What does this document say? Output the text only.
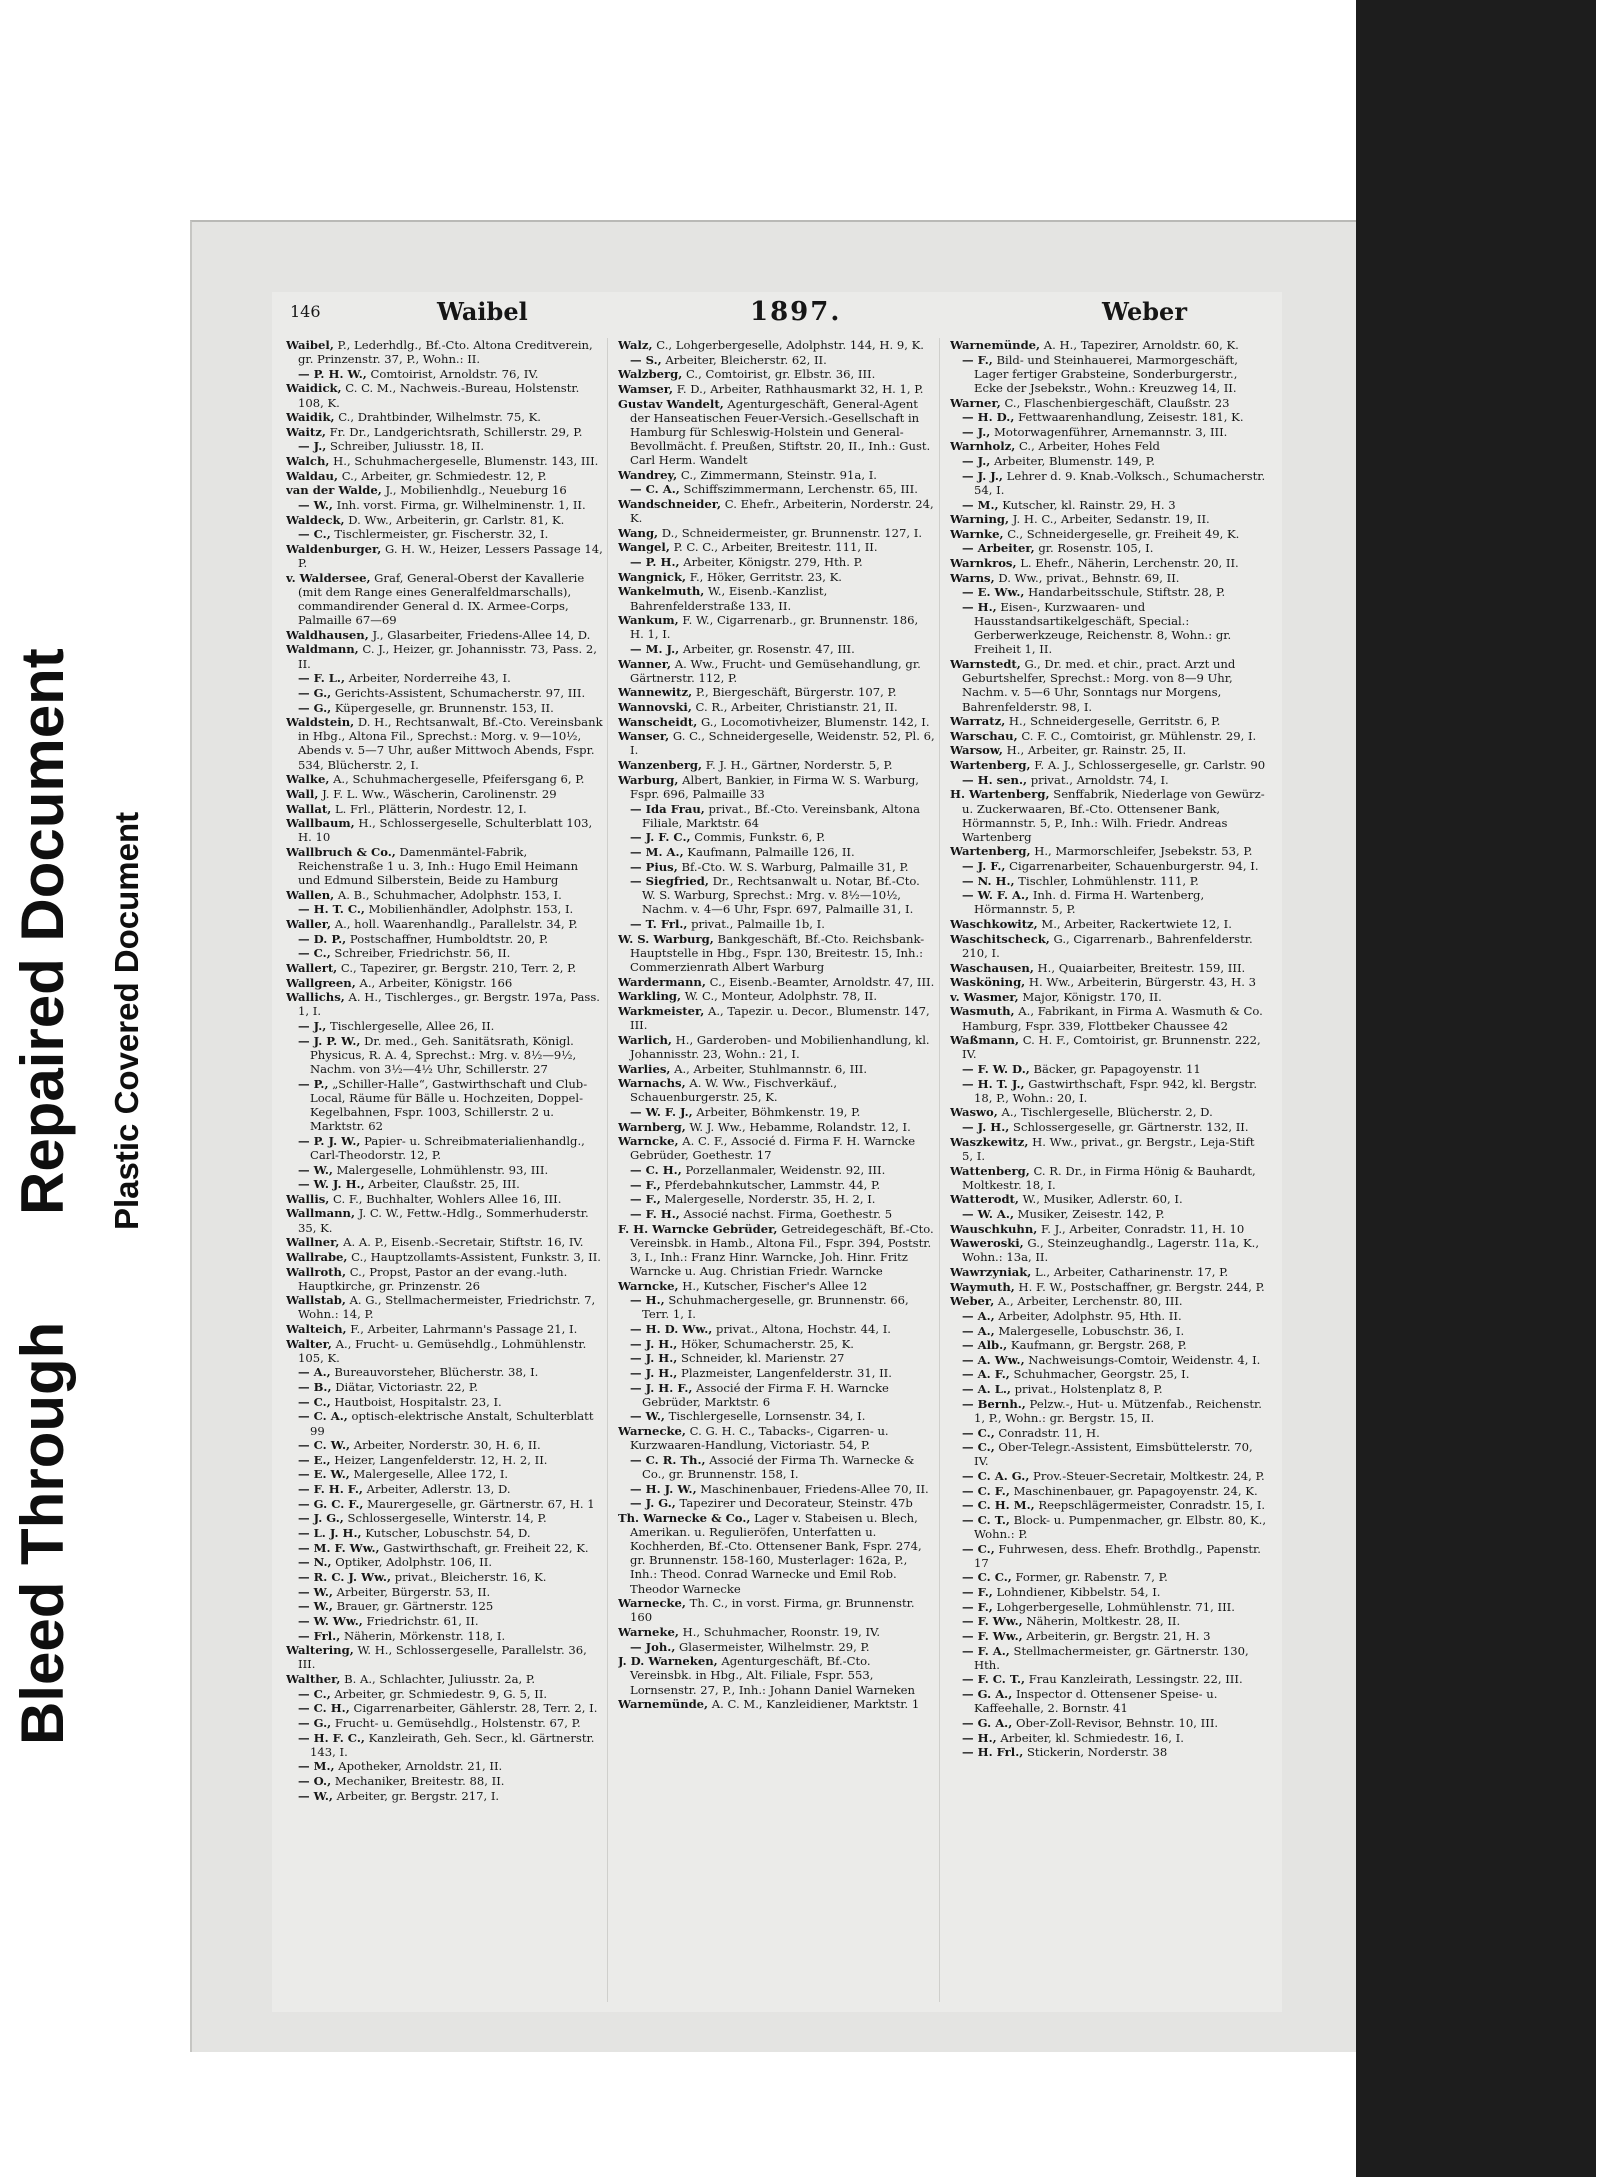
Bleed Through
Repaired Document Plastic Covered Document
146	Waibel	1897.	Weber
Waibel, P., Lederhdlg., Bf.-Cto. Altona Creditverein, gr. Prinzenstr. 37, P., Wohn.: II.
— P. H. W., Comtoirist, Arnoldstr. 76, IV.
Waidick, C. C. M., Nachweis.-Bureau, Holstenstr. 108, K.
Waidik, C., Drahtbinder, Wilhelmstr. 75, K.
Waitz, Fr. Dr., Landgerichtsrath, Schillerstr. 29, P.
— J., Schreiber, Juliusstr. 18, II.
Walch, H., Schuhmachergeselle, Blumenstr. 143, III.
Waldau, C., Arbeiter, gr. Schmiedestr. 12, P.
van der Walde, J., Mobilienhdlg., Neueburg 16
— W., Inh. vorst. Firma, gr. Wilhelminenstr. 1, II.
Waldeck, D. Ww., Arbeiterin, gr. Carlstr. 81, K.
— C., Tischlermeister, gr. Fischerstr. 32, I.
Waldenburger, G. H. W., Heizer, Lessers Passage 14, P.
v. Waldersee, Graf, General-Oberst der Kavallerie (mit dem Range eines Generalfeldmarschalls), commandirender General d. IX. Armee-Corps, Palmaille 67—69
Waldhausen, J., Glasarbeiter, Friedens-Allee 14, D.
Waldmann, C. J., Heizer, gr. Johannisstr. 73, Pass. 2, II.
— F. L., Arbeiter, Norderreihe 43, I.
— G., Gerichts-Assistent, Schumacherstr. 97, III.
— G., Küpergeselle, gr. Brunnenstr. 153, II.
Waldstein, D. H., Rechtsanwalt, Bf.-Cto. Vereinsbank in Hbg., Altona Fil., Sprechst.: Morg. v. 9—10½, Abends v. 5—7 Uhr, außer Mittwoch Abends, Fspr. 534, Blücherstr. 2, I.
Walke, A., Schuhmachergeselle, Pfeifersgang 6, P.
Wall, J. F. L. Ww., Wäscherin, Carolinenstr. 29
Wallat, L. Frl., Plätterin, Nordestr. 12, I.
Wallbaum, H., Schlossergeselle, Schulterblatt 103, H. 10
Wallbruch & Co., Damenmäntel-Fabrik, Reichenstraße 1 u. 3, Inh.: Hugo Emil Heimann und Edmund Silberstein, Beide zu Hamburg
Wallen, A. B., Schuhmacher, Adolphstr. 153, I.
— H. T. C., Mobilienhändler, Adolphstr. 153, I.
Waller, A., holl. Waarenhandlg., Parallelstr. 34, P.
— D. P., Postschaffner, Humboldtstr. 20, P.
— C., Schreiber, Friedrichstr. 56, II.
Wallert, C., Tapezirer, gr. Bergstr. 210, Terr. 2, P.
Wallgreen, A., Arbeiter, Königstr. 166
Wallichs, A. H., Tischlerges., gr. Bergstr. 197a, Pass. 1, I.
— J., Tischlergeselle, Allee 26, II.
— J. P. W., Dr. med., Geh. Sanitätsrath, Königl. Physicus, R. A. 4, Sprechst.: Mrg. v. 8½—9½, Nachm. von 3½—4½ Uhr, Schillerstr. 27
— P., „Schiller-Halle“, Gastwirthschaft und Club-Local, Räume für Bälle u. Hochzeiten, Doppel-Kegelbahnen, Fspr. 1003, Schillerstr. 2 u. Marktstr. 62
— P. J. W., Papier- u. Schreibmaterialienhandlg., Carl-Theodorstr. 12, P.
— W., Malergeselle, Lohmühlenstr. 93, III.
— W. J. H., Arbeiter, Claußstr. 25, III.
Wallis, C. F., Buchhalter, Wohlers Allee 16, III.
Wallmann, J. C. W., Fettw.-Hdlg., Sommerhuderstr. 35, K.
Wallner, A. A. P., Eisenb.-Secretair, Stiftstr. 16, IV.
Wallrabe, C., Hauptzollamts-Assistent, Funkstr. 3, II.
Wallroth, C., Propst, Pastor an der evang.-luth. Hauptkirche, gr. Prinzenstr. 26
Wallstab, A. G., Stellmachermeister, Friedrichstr. 7, Wohn.: 14, P.
Walteich, F., Arbeiter, Lahrmann's Passage 21, I.
Walter, A., Frucht- u. Gemüsehdlg., Lohmühlenstr. 105, K.
— A., Bureauvorsteher, Blücherstr. 38, I.
— B., Diätar, Victoriastr. 22, P.
— C., Hautboist, Hospitalstr. 23, I.
— C. A., optisch-elektrische Anstalt, Schulterblatt 99
— C. W., Arbeiter, Norderstr. 30, H. 6, II.
— E., Heizer, Langenfelderstr. 12, H. 2, II.
— E. W., Malergeselle, Allee 172, I.
— F. H. F., Arbeiter, Adlerstr. 13, D.
— G. C. F., Maurergeselle, gr. Gärtnerstr. 67, H. 1
— J. G., Schlossergeselle, Winterstr. 14, P.
— L. J. H., Kutscher, Lobuschstr. 54, D.
— M. F. Ww., Gastwirthschaft, gr. Freiheit 22, K.
— N., Optiker, Adolphstr. 106, II.
— R. C. J. Ww., privat., Bleicherstr. 16, K.
— W., Arbeiter, Bürgerstr. 53, II.
— W., Brauer, gr. Gärtnerstr. 125
— W. Ww., Friedrichstr. 61, II.
— Frl., Näherin, Mörkenstr. 118, I.
Waltering, W. H., Schlossergeselle, Parallelstr. 36, III.
Walther, B. A., Schlachter, Juliusstr. 2a, P.
— C., Arbeiter, gr. Schmiedestr. 9, G. 5, II.
— C. H., Cigarrenarbeiter, Gählerstr. 28, Terr. 2, I.
— G., Frucht- u. Gemüsehdlg., Holstenstr. 67, P.
— H. F. C., Kanzleirath, Geh. Secr., kl. Gärtnerstr. 143, I.
— M., Apotheker, Arnoldstr. 21, II.
— O., Mechaniker, Breitestr. 88, II.
— W., Arbeiter, gr. Bergstr. 217, I.
Walz, C., Lohgerbergeselle, Adolphstr. 144, H. 9, K.
— S., Arbeiter, Bleicherstr. 62, II.
Walzberg, C., Comtoirist, gr. Elbstr. 36, III.
Wamser, F. D., Arbeiter, Rathhausmarkt 32, H. 1, P.
Gustav Wandelt, Agenturgeschäft, General-Agent der Hanseatischen Feuer-Versich.-Gesellschaft in Hamburg für Schleswig-Holstein und General-Bevollmächt. f. Preußen, Stiftstr. 20, II., Inh.: Gust. Carl Herm. Wandelt
Wandrey, C., Zimmermann, Steinstr. 91a, I.
— C. A., Schiffszimmermann, Lerchenstr. 65, III.
Wandschneider, C. Ehefr., Arbeiterin, Norderstr. 24, K.
Wang, D., Schneidermeister, gr. Brunnenstr. 127, I.
Wangel, P. C. C., Arbeiter, Breitestr. 111, II.
— P. H., Arbeiter, Königstr. 279, Hth. P.
Wangnick, F., Höker, Gerritstr. 23, K.
Wankelmuth, W., Eisenb.-Kanzlist, Bahrenfelderstraße 133, II.
Wankum, F. W., Cigarrenarb., gr. Brunnenstr. 186, H. 1, I.
— M. J., Arbeiter, gr. Rosenstr. 47, III.
Wanner, A. Ww., Frucht- und Gemüsehandlung, gr. Gärtnerstr. 112, P.
Wannewitz, P., Biergeschäft, Bürgerstr. 107, P.
Wannovski, C. R., Arbeiter, Christianstr. 21, II.
Wanscheidt, G., Locomotivheizer, Blumenstr. 142, I.
Wanser, G. C., Schneidergeselle, Weidenstr. 52, Pl. 6, I.
Wanzenberg, F. J. H., Gärtner, Norderstr. 5, P.
Warburg, Albert, Bankier, in Firma W. S. Warburg, Fspr. 696, Palmaille 33
— Ida Frau, privat., Bf.-Cto. Vereinsbank, Altona Filiale, Marktstr. 64
— J. F. C., Commis, Funkstr. 6, P.
— M. A., Kaufmann, Palmaille 126, II.
— Pius, Bf.-Cto. W. S. Warburg, Palmaille 31, P.
— Siegfried, Dr., Rechtsanwalt u. Notar, Bf.-Cto. W. S. Warburg, Sprechst.: Mrg. v. 8½—10½, Nachm. v. 4—6 Uhr, Fspr. 697, Palmaille 31, I.
— T. Frl., privat., Palmaille 1b, I.
W. S. Warburg, Bankgeschäft, Bf.-Cto. Reichsbank-Hauptstelle in Hbg., Fspr. 130, Breitestr. 15, Inh.: Commerzienrath Albert Warburg
Wardermann, C., Eisenb.-Beamter, Arnoldstr. 47, III.
Warkling, W. C., Monteur, Adolphstr. 78, II.
Warkmeister, A., Tapezir. u. Decor., Blumenstr. 147, III.
Warlich, H., Garderoben- und Mobilienhandlung, kl. Johannisstr. 23, Wohn.: 21, I.
Warlies, A., Arbeiter, Stuhlmannstr. 6, III.
Warnachs, A. W. Ww., Fischverkäuf., Schauenburgerstr. 25, K.
— W. F. J., Arbeiter, Böhmkenstr. 19, P.
Warnberg, W. J. Ww., Hebamme, Rolandstr. 12, I.
Warncke, A. C. F., Associé d. Firma F. H. Warncke Gebrüder, Goethestr. 17
— C. H., Porzellanmaler, Weidenstr. 92, III.
— F., Pferdebahnkutscher, Lammstr. 44, P.
— F., Malergeselle, Norderstr. 35, H. 2, I.
— F. H., Associé nachst. Firma, Goethestr. 5
F. H. Warncke Gebrüder, Getreidegeschäft, Bf.-Cto. Vereinsbk. in Hamb., Altona Fil., Fspr. 394, Poststr. 3, I., Inh.: Franz Hinr. Warncke, Joh. Hinr. Fritz Warncke u. Aug. Christian Friedr. Warncke
Warncke, H., Kutscher, Fischer's Allee 12
— H., Schuhmachergeselle, gr. Brunnenstr. 66, Terr. 1, I.
— H. D. Ww., privat., Altona, Hochstr. 44, I.
— J. H., Höker, Schumacherstr. 25, K.
— J. H., Schneider, kl. Marienstr. 27
— J. H., Plazmeister, Langenfelderstr. 31, II.
— J. H. F., Associé der Firma F. H. Warncke Gebrüder, Marktstr. 6
— W., Tischlergeselle, Lornsenstr. 34, I.
Warnecke, C. G. H. C., Tabacks-, Cigarren- u. Kurzwaaren-Handlung, Victoriastr. 54, P.
— C. R. Th., Associé der Firma Th. Warnecke & Co., gr. Brunnenstr. 158, I.
— H. J. W., Maschinenbauer, Friedens-Allee 70, II.
— J. G., Tapezirer und Decorateur, Steinstr. 47b
Th. Warnecke & Co., Lager v. Stabeisen u. Blech, Amerikan. u. Regulieröfen, Unterfatten u. Kochherden, Bf.-Cto. Ottensener Bank, Fspr. 274, gr. Brunnenstr. 158-160, Musterlager: 162a, P., Inh.: Theod. Conrad Warnecke und Emil Rob. Theodor Warnecke
Warnecke, Th. C., in vorst. Firma, gr. Brunnenstr. 160
Warneke, H., Schuhmacher, Roonstr. 19, IV.
— Joh., Glasermeister, Wilhelmstr. 29, P.
J. D. Warneken, Agenturgeschäft, Bf.-Cto. Vereinsbk. in Hbg., Alt. Filiale, Fspr. 553, Lornsenstr. 27, P., Inh.: Johann Daniel Warneken
Warnemünde, A. C. M., Kanzleidiener, Marktstr. 1
Warnemünde, A. H., Tapezirer, Arnoldstr. 60, K.
— F., Bild- und Steinhauerei, Marmorgeschäft, Lager fertiger Grabsteine, Sonderburgerstr., Ecke der Jsebekstr., Wohn.: Kreuzweg 14, II.
Warner, C., Flaschenbiergeschäft, Claußstr. 23
— H. D., Fettwaarenhandlung, Zeisestr. 181, K.
— J., Motorwagenführer, Arnemannstr. 3, III.
Warnholz, C., Arbeiter, Hohes Feld
— J., Arbeiter, Blumenstr. 149, P.
— J. J., Lehrer d. 9. Knab.-Volksch., Schumacherstr. 54, I.
— M., Kutscher, kl. Rainstr. 29, H. 3
Warning, J. H. C., Arbeiter, Sedanstr. 19, II.
Warnke, C., Schneidergeselle, gr. Freiheit 49, K.
— Arbeiter, gr. Rosenstr. 105, I.
Warnkros, L. Ehefr., Näherin, Lerchenstr. 20, II.
Warns, D. Ww., privat., Behnstr. 69, II.
— E. Ww., Handarbeitsschule, Stiftstr. 28, P.
— H., Eisen-, Kurzwaaren- und Hausstandsartikelgeschäft, Special.: Gerberwerkzeuge, Reichenstr. 8, Wohn.: gr. Freiheit 1, II.
Warnstedt, G., Dr. med. et chir., pract. Arzt und Geburtshelfer, Sprechst.: Morg. von 8—9 Uhr, Nachm. v. 5—6 Uhr, Sonntags nur Morgens, Bahrenfelderstr. 98, I.
Warratz, H., Schneidergeselle, Gerritstr. 6, P.
Warschau, C. F. C., Comtoirist, gr. Mühlenstr. 29, I.
Warsow, H., Arbeiter, gr. Rainstr. 25, II.
Wartenberg, F. A. J., Schlossergeselle, gr. Carlstr. 90
— H. sen., privat., Arnoldstr. 74, I.
H. Wartenberg, Senffabrik, Niederlage von Gewürz- u. Zuckerwaaren, Bf.-Cto. Ottensener Bank, Hörmannstr. 5, P., Inh.: Wilh. Friedr. Andreas Wartenberg
Wartenberg, H., Marmorschleifer, Jsebekstr. 53, P.
— J. F., Cigarrenarbeiter, Schauenburgerstr. 94, I.
— N. H., Tischler, Lohmühlenstr. 111, P.
— W. F. A., Inh. d. Firma H. Wartenberg, Hörmannstr. 5, P.
Waschkowitz, M., Arbeiter, Rackertwiete 12, I.
Waschitscheck, G., Cigarrenarb., Bahrenfelderstr. 210, I.
Waschausen, H., Quaiarbeiter, Breitestr. 159, III.
Wasköning, H. Ww., Arbeiterin, Bürgerstr. 43, H. 3
v. Wasmer, Major, Königstr. 170, II.
Wasmuth, A., Fabrikant, in Firma A. Wasmuth & Co. Hamburg, Fspr. 339, Flottbeker Chaussee 42
Waßmann, C. H. F., Comtoirist, gr. Brunnenstr. 222, IV.
— F. W. D., Bäcker, gr. Papagoyenstr. 11
— H. T. J., Gastwirthschaft, Fspr. 942, kl. Bergstr. 18, P., Wohn.: 20, I.
Waswo, A., Tischlergeselle, Blücherstr. 2, D.
— J. H., Schlossergeselle, gr. Gärtnerstr. 132, II.
Waszkewitz, H. Ww., privat., gr. Bergstr., Leja-Stift 5, I.
Wattenberg, C. R. Dr., in Firma Hönig & Bauhardt, Moltkestr. 18, I.
Watterodt, W., Musiker, Adlerstr. 60, I.
— W. A., Musiker, Zeisestr. 142, P.
Wauschkuhn, F. J., Arbeiter, Conradstr. 11, H. 10
Waweroski, G., Steinzeughandlg., Lagerstr. 11a, K., Wohn.: 13a, II.
Wawrzyniak, L., Arbeiter, Catharinenstr. 17, P.
Waymuth, H. F. W., Postschaffner, gr. Bergstr. 244, P.
Weber, A., Arbeiter, Lerchenstr. 80, III.
— A., Arbeiter, Adolphstr. 95, Hth. II.
— A., Malergeselle, Lobuschstr. 36, I.
— Alb., Kaufmann, gr. Bergstr. 268, P.
— A. Ww., Nachweisungs-Comtoir, Weidenstr. 4, I.
— A. F., Schuhmacher, Georgstr. 25, I.
— A. L., privat., Holstenplatz 8, P.
— Bernh., Pelzw.-, Hut- u. Mützenfab., Reichenstr. 1, P., Wohn.: gr. Bergstr. 15, II.
— C., Conradstr. 11, H.
— C., Ober-Telegr.-Assistent, Eimsbüttelerstr. 70, IV.
— C. A. G., Prov.-Steuer-Secretair, Moltkestr. 24, P.
— C. F., Maschinenbauer, gr. Papagoyenstr. 24, K.
— C. H. M., Reepschlägermeister, Conradstr. 15, I.
— C. T., Block- u. Pumpenmacher, gr. Elbstr. 80, K., Wohn.: P.
— C., Fuhrwesen, dess. Ehefr. Brothdlg., Papenstr. 17
— C. C., Former, gr. Rabenstr. 7, P.
— F., Lohndiener, Kibbelstr. 54, I.
— F., Lohgerbergeselle, Lohmühlenstr. 71, III.
— F. Ww., Näherin, Moltkestr. 28, II.
— F. Ww., Arbeiterin, gr. Bergstr. 21, H. 3
— F. A., Stellmachermeister, gr. Gärtnerstr. 130, Hth.
— F. C. T., Frau Kanzleirath, Lessingstr. 22, III.
— G. A., Inspector d. Ottensener Speise- u. Kaffeehalle, 2. Bornstr. 41
— G. A., Ober-Zoll-Revisor, Behnstr. 10, III.
— H., Arbeiter, kl. Schmiedestr. 16, I.
— H. Frl., Stickerin, Norderstr. 38
